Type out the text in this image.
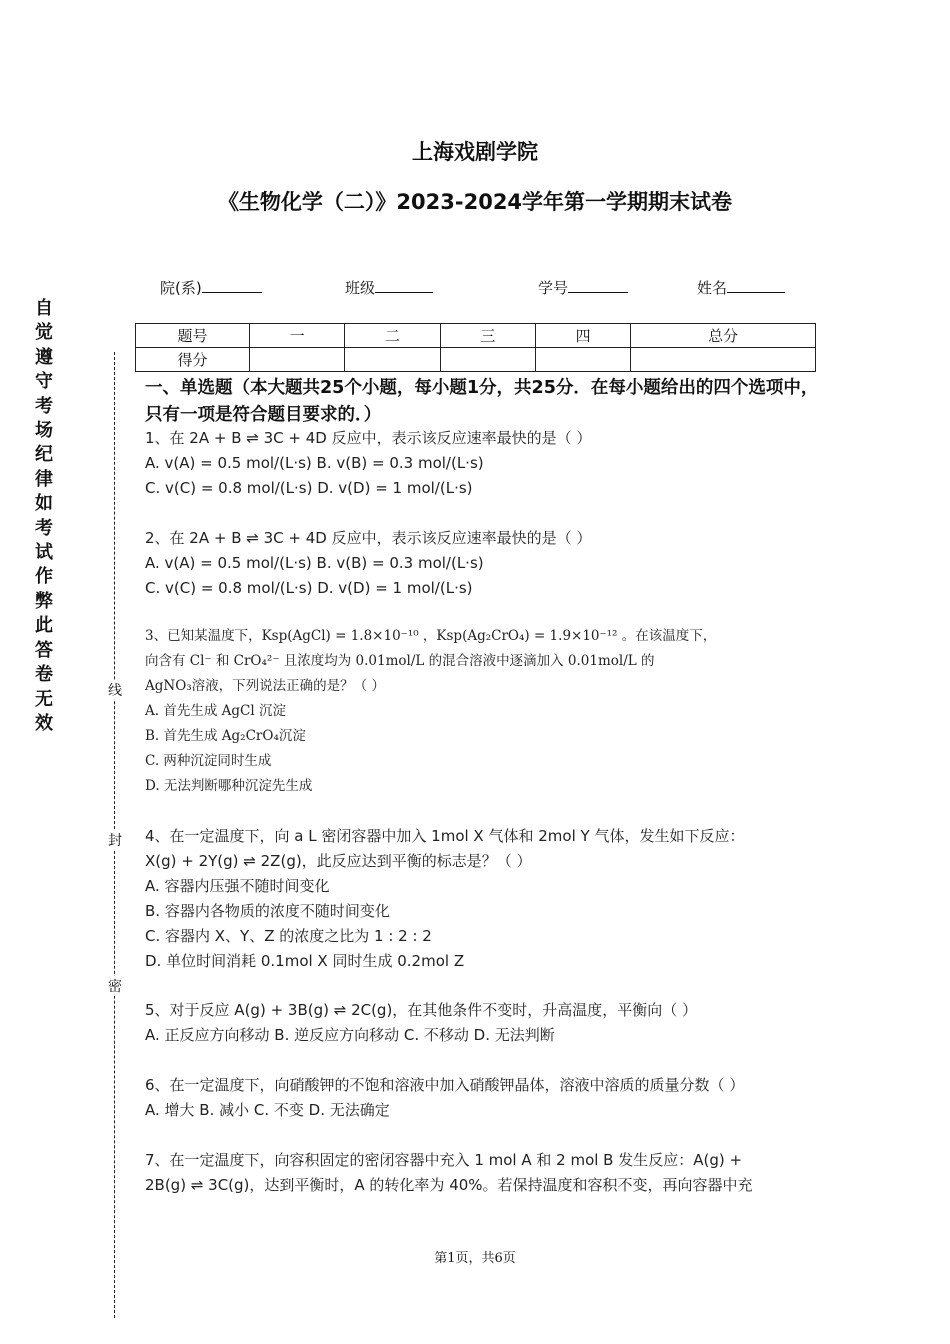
上海戏剧学院
《生物化学（二）》2023-2024学年第一学期期末试卷
院(系)	班级	学号	姓名
题号	一	二	三	四	总分
得分					
自
觉
遵
守
考
场
纪
律
如
考
试
作
弊
此
答
卷
无
效
线
封
密
一、单选题（本大题共25个小题，每小题1分，共25分．在每小题给出的四个选项中，只有一项是符合题目要求的．）

1、在 2A + B ⇌ 3C + 4D 反应中，表示该反应速率最快的是（ ）

A. v(A) = 0.5 mol/(L·s) B. v(B) = 0.3 mol/(L·s)

C. v(C) = 0.8 mol/(L·s) D. v(D) = 1 mol/(L·s)

2、在 2A + B ⇌ 3C + 4D 反应中，表示该反应速率最快的是（ ）

A. v(A) = 0.5 mol/(L·s) B. v(B) = 0.3 mol/(L·s)

C. v(C) = 0.8 mol/(L·s) D. v(D) = 1 mol/(L·s)

3、已知某温度下，Ksp(AgCl) = 1.8×10⁻¹⁰ ，Ksp(Ag₂CrO₄) = 1.9×10⁻¹² 。在该温度下，

向含有 Cl⁻ 和 CrO₄²⁻ 且浓度均为 0.01mol/L 的混合溶液中逐滴加入 0.01mol/L 的

AgNO₃溶液，下列说法正确的是？（ ）

A. 首先生成 AgCl 沉淀

B. 首先生成 Ag₂CrO₄沉淀

C. 两种沉淀同时生成

D. 无法判断哪种沉淀先生成

4、在一定温度下，向 a L 密闭容器中加入 1mol X 气体和 2mol Y 气体，发生如下反应：

X(g) + 2Y(g) ⇌ 2Z(g)，此反应达到平衡的标志是？（ ）

A. 容器内压强不随时间变化

B. 容器内各物质的浓度不随时间变化

C. 容器内 X、Y、Z 的浓度之比为 1 : 2 : 2

D. 单位时间消耗 0.1mol X 同时生成 0.2mol Z

5、对于反应 A(g) + 3B(g) ⇌ 2C(g)，在其他条件不变时，升高温度，平衡向（ ）

A. 正反应方向移动 B. 逆反应方向移动 C. 不移动 D. 无法判断

6、在一定温度下，向硝酸钾的不饱和溶液中加入硝酸钾晶体，溶液中溶质的质量分数（ ）

A. 增大 B. 减小 C. 不变 D. 无法确定

7、在一定温度下，向容积固定的密闭容器中充入 1 mol A 和 2 mol B 发生反应：A(g) +

2B(g) ⇌ 3C(g)，达到平衡时，A 的转化率为 40%。若保持温度和容积不变，再向容器中充

第1页，共6页
